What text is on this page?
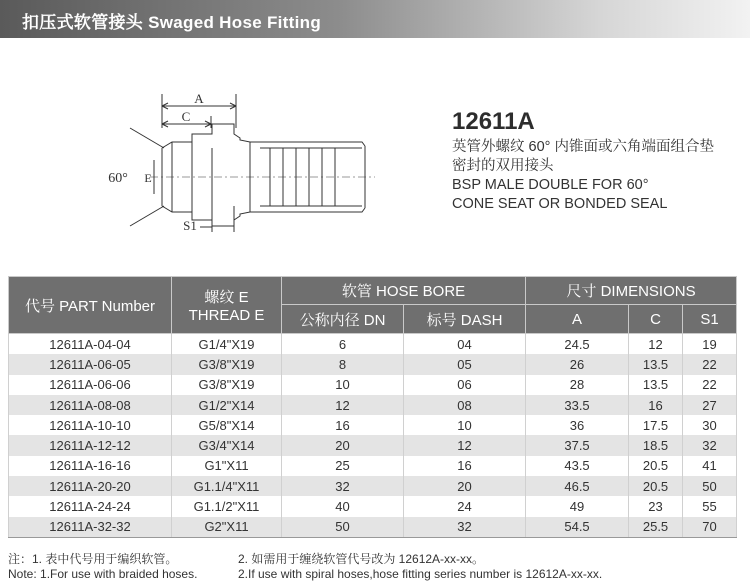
扣压式软管接头 Swaged Hose Fitting
A
C
E
S1
60°
12611A
英管外螺纹 60° 内锥面或六角端面组合垫
密封的双用接头
BSP MALE DOUBLE FOR 60°
CONE SEAT OR BONDED SEAL
代号 PART Number	螺纹 E
THREAD E	软管 HOSE BORE		尺寸 DIMENSIONS		
		公称内径 DN	标号 DASH	A	C	S1
12611A-04-04	G1/4"X19	6	04	24.5	12	19
12611A-06-05	G3/8"X19	8	05	26	13.5	22
12611A-06-06	G3/8"X19	10	06	28	13.5	22
12611A-08-08	G1/2"X14	12	08	33.5	16	27
12611A-10-10	G5/8"X14	16	10	36	17.5	30
12611A-12-12	G3/4"X14	20	12	37.5	18.5	32
12611A-16-16	G1"X11	25	16	43.5	20.5	41
12611A-20-20	G1.1/4"X11	32	20	46.5	20.5	50
12611A-24-24	G1.1/2"X11	40	24	49	23	55
12611A-32-32	G2"X11	50	32	54.5	25.5	70
注：1. 表中代号用于编织软管。
Note: 1.For use with braided hoses.
2. 如需用于缠绕软管代号改为 12612A-xx-xx。
2.If use with spiral hoses,hose fitting series number is 12612A-xx-xx.
